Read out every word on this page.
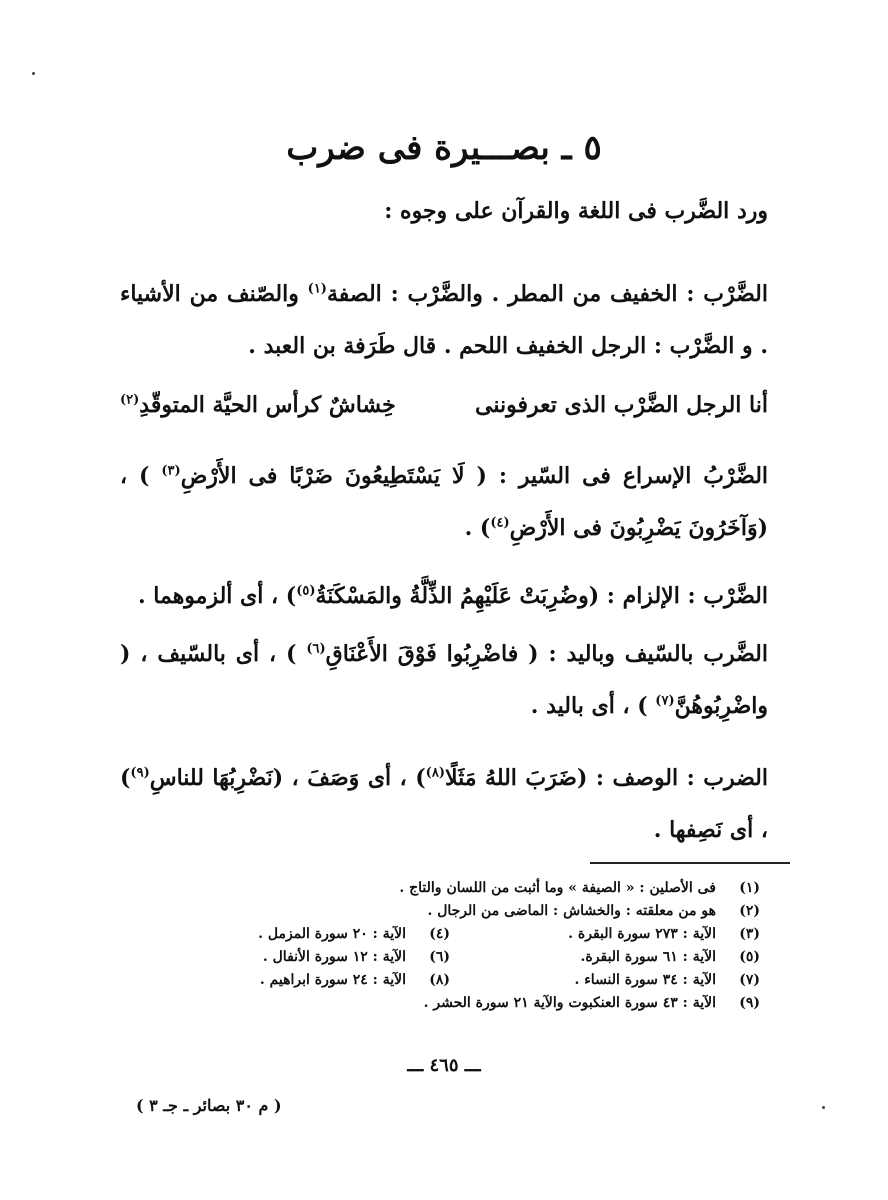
٥ ـ بصـــيرة فى ضرب
ورد الضَّرب فى اللغة والقرآن على وجوه :
الضَّرْب : الخفيف من المطر . والضَّرْب : الصفة$^{(١)}$ والصّنف من الأشياء . و الضَّرْب : الرجل الخفيف اللحم . قال طَرَفة بن العبد .
أنا الرجل الضَّرْب الذى تعرفوننى
خِشاشٌ كرأس الحيَّة المتوقّدِ$^{(٢)}$
الضَّرْبُ الإسراع فى السّير : ( لَا يَسْتَطِيعُونَ ضَرْبًا فى الأَرْضِ$^{(٣)}$ ) ، (وَآخَرُونَ يَضْرِبُونَ فى الأَرْضِ$^{(٤)}$) .
الضَّرْب : الإلزام : (وضُرِبَتْ عَلَيْهِمُ الذِّلَّةُ والمَسْكَنَةُ$^{(٥)}$) ، أى ألزموهما .
الضَّرب بالسّيف وباليد : ( فاضْرِبُوا فَوْقَ الأَعْنَاقِ$^{(٦)}$ ) ، أى بالسّيف ، ( واضْرِبُوهُنَّ$^{(٧)}$ ) ، أى باليد .
الضرب : الوصف : (ضَرَبَ اللهُ مَثَلًا$^{(٨)}$) ، أى وَصَفَ ، (نَضْرِبُهَا للناسِ$^{(٩)}$) ، أى نَصِفها .
(١)
فى الأصلين : « الصيفة » وما أثبت من اللسان والتاج .
(٢)
هو من معلقته : والخشاش : الماضى من الرجال .
(٣)
الآية : ٢٧٣ سورة البقرة .
(٤)
الآية : ٢٠ سورة المزمل .
(٥)
الآية : ٦١ سورة البقرة.
(٦)
الآية : ١٢ سورة الأنفال .
(٧)
الآية : ٣٤ سورة النساء .
(٨)
الآية : ٢٤ سورة ابراهيم .
(٩)
الآية : ٤٣ سورة العنكبوت والآية ٢١ سورة الحشر .
ـــ ٤٦٥ ـــ
( م ٣٠ بصائر ـ جـ ٣ )
